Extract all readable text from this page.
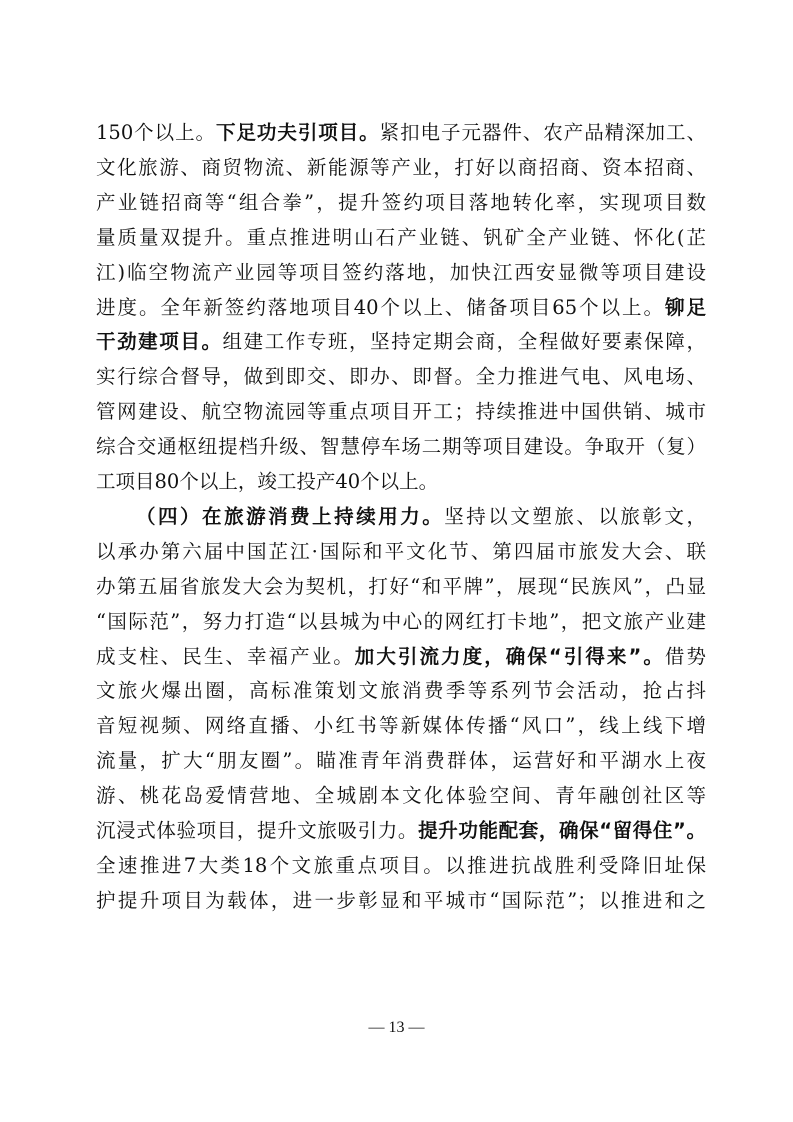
150个以上。下足功夫引项目。紧扣电子元器件、农产品精深加工、
文化旅游、商贸物流、新能源等产业，打好以商招商、资本招商、
产业链招商等“组合拳”，提升签约项目落地转化率，实现项目数
量质量双提升。重点推进明山石产业链、钒矿全产业链、怀化(芷
江)临空物流产业园等项目签约落地，加快江西安显微等项目建设
进度。全年新签约落地项目40个以上、储备项目65个以上。铆足
干劲建项目。组建工作专班，坚持定期会商，全程做好要素保障，
实行综合督导，做到即交、即办、即督。全力推进气电、风电场、
管网建设、航空物流园等重点项目开工；持续推进中国供销、城市
综合交通枢纽提档升级、智慧停车场二期等项目建设。争取开（复）
工项目80个以上，竣工投产40个以上。
（四）在旅游消费上持续用力。坚持以文塑旅、以旅彰文，
以承办第六届中国芷江·国际和平文化节、第四届市旅发大会、联
办第五届省旅发大会为契机，打好“和平牌”，展现“民族风”，凸显
“国际范”，努力打造“以县城为中心的网红打卡地”，把文旅产业建
成支柱、民生、幸福产业。加大引流力度，确保“引得来”。借势
文旅火爆出圈，高标准策划文旅消费季等系列节会活动，抢占抖
音短视频、网络直播、小红书等新媒体传播“风口”，线上线下增
流量，扩大“朋友圈”。瞄准青年消费群体，运营好和平湖水上夜
游、桃花岛爱情营地、全城剧本文化体验空间、青年融创社区等
沉浸式体验项目，提升文旅吸引力。提升功能配套，确保“留得住”。
全速推进7大类18个文旅重点项目。以推进抗战胜利受降旧址保
护提升项目为载体，进一步彰显和平城市“国际范”；以推进和之
— 13 —
